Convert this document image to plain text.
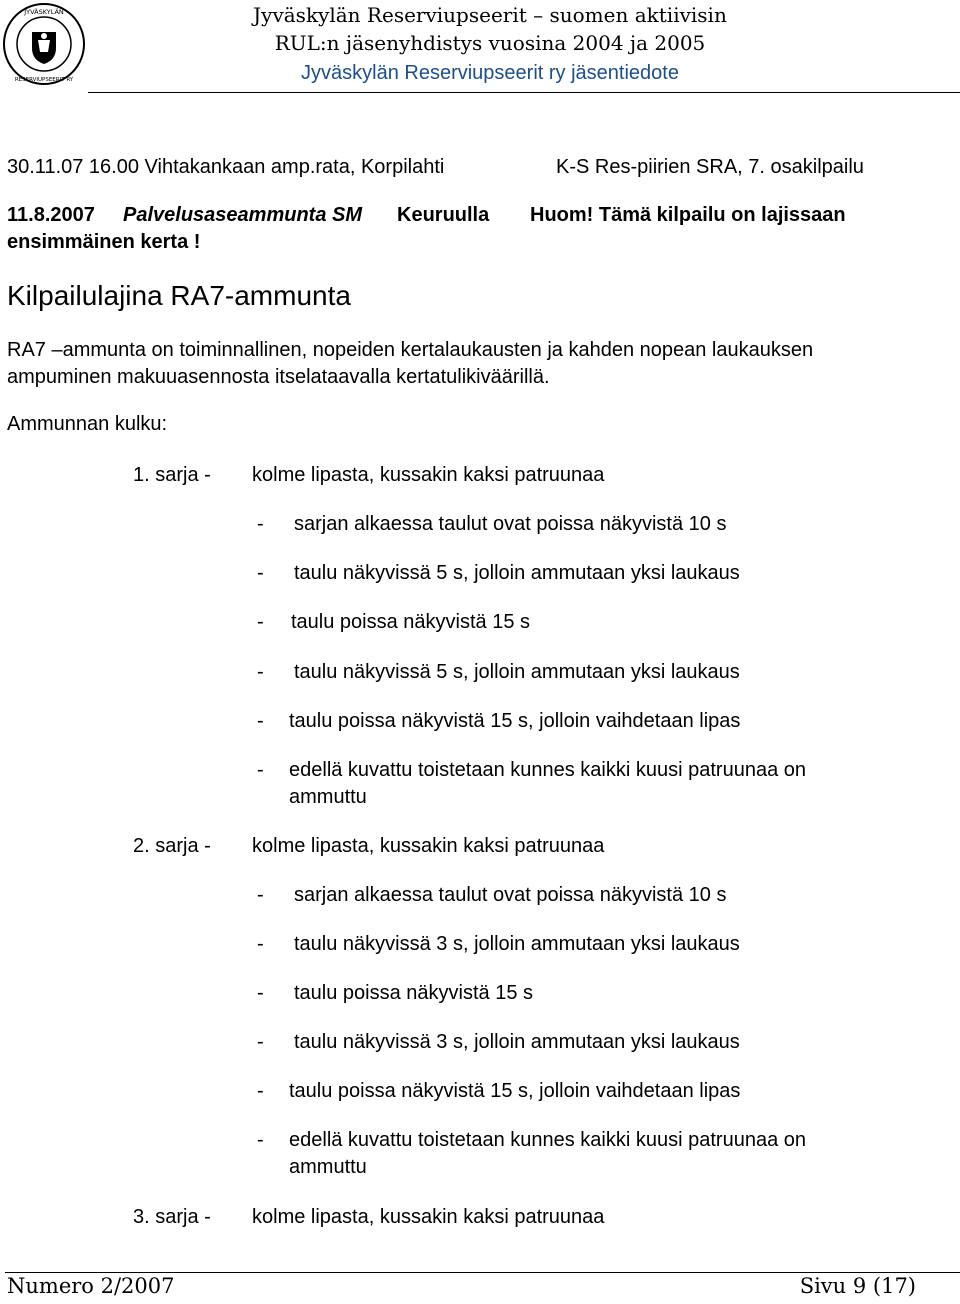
JYVÄSKYLÄN
RESERVIUPSEERIT RY
Jyväskylän Reserviupseerit – suomen aktiivisin
RUL:n jäsenyhdistys vuosina 2004 ja 2005
Jyväskylän Reserviupseerit ry jäsentiedote
30.11.07 16.00 Vihtakankaan amp.rata, Korpilahti	K-S Res-piirien SRA, 7. osakilpailu
11.8.2007 Palvelusaseammunta SM Keuruulla Huom! Tämä kilpailu on lajissaan
ensimmäinen kerta !
Kilpailulajina RA7-ammunta
RA7 –ammunta on toiminnallinen, nopeiden kertalaukausten ja kahden nopean laukauksen
ampuminen makuuasennosta itselataavalla kertatulikiväärillä.
Ammunnan kulku:
1. sarja - kolme lipasta, kussakin kaksi patruunaa
- sarjan alkaessa taulut ovat poissa näkyvistä 10 s
- taulu näkyvissä 5 s, jolloin ammutaan yksi laukaus
- taulu poissa näkyvistä 15 s
- taulu näkyvissä 5 s, jolloin ammutaan yksi laukaus
- taulu poissa näkyvistä 15 s, jolloin vaihdetaan lipas
- edellä kuvattu toistetaan kunnes kaikki kuusi patruunaa on
ammuttu
2. sarja - kolme lipasta, kussakin kaksi patruunaa
- sarjan alkaessa taulut ovat poissa näkyvistä 10 s
- taulu näkyvissä 3 s, jolloin ammutaan yksi laukaus
- taulu poissa näkyvistä 15 s
- taulu näkyvissä 3 s, jolloin ammutaan yksi laukaus
- taulu poissa näkyvistä 15 s, jolloin vaihdetaan lipas
- edellä kuvattu toistetaan kunnes kaikki kuusi patruunaa on
ammuttu
3. sarja - kolme lipasta, kussakin kaksi patruunaa
Numero 2/2007	Sivu 9 (17)
